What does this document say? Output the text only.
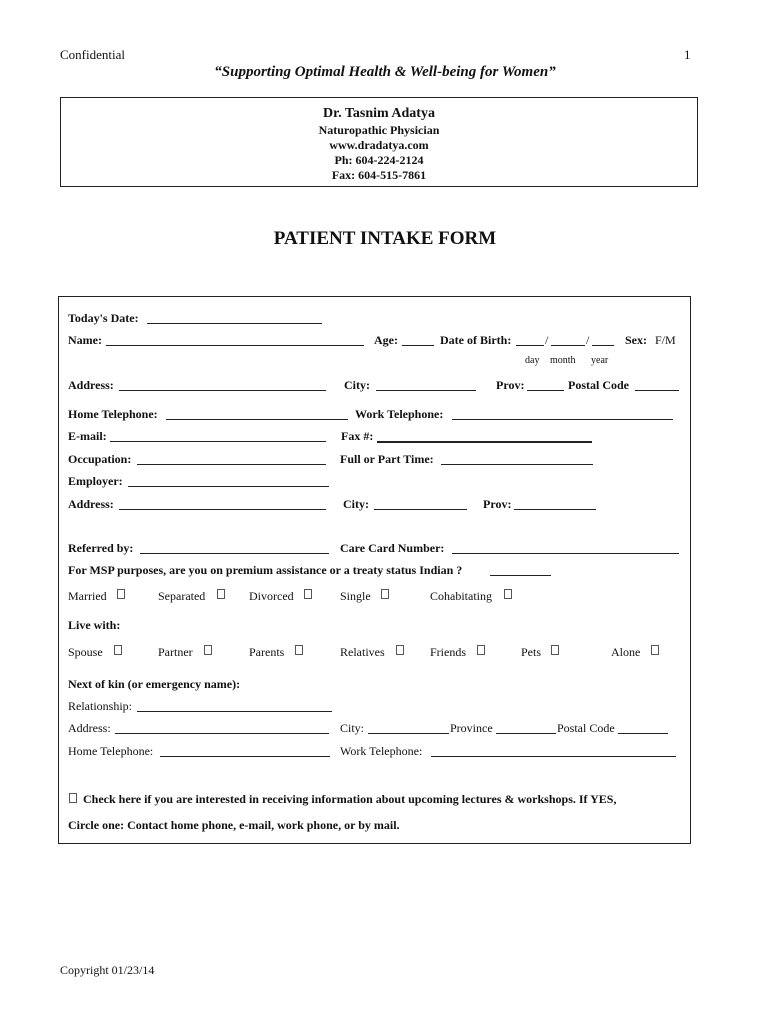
Confidential	1
“Supporting Optimal Health & Well-being for Women”
Dr. Tasnim Adatya
Naturopathic Physician
www.dradatya.com
Ph: 604-224-2124
Fax: 604-515-7861
PATIENT INTAKE FORM
Today's Date:
Name:	Age:	Date of Birth:	/	/	Sex: F/M
day month year
Address:	City:	Prov:	Postal Code
Home Telephone:	Work Telephone:
E-mail:	Fax #:
Occupation:	Full or Part Time:
Employer:
Address:	City:	Prov:
Referred by:	Care Card Number:
For MSP purposes, are you on premium assistance or a treaty status Indian ?
Married	Separated	Divorced	Single	Cohabitating
Live with:
Spouse	Partner	Parents	Relatives	Friends	Pets	Alone
Next of kin (or emergency name):
Relationship:
Address:	City:	Province	Postal Code
Home Telephone:	Work Telephone:
Check here if you are interested in receiving information about upcoming lectures & workshops. If YES,
Circle one: Contact home phone, e-mail, work phone, or by mail.
Copyright 01/23/14
